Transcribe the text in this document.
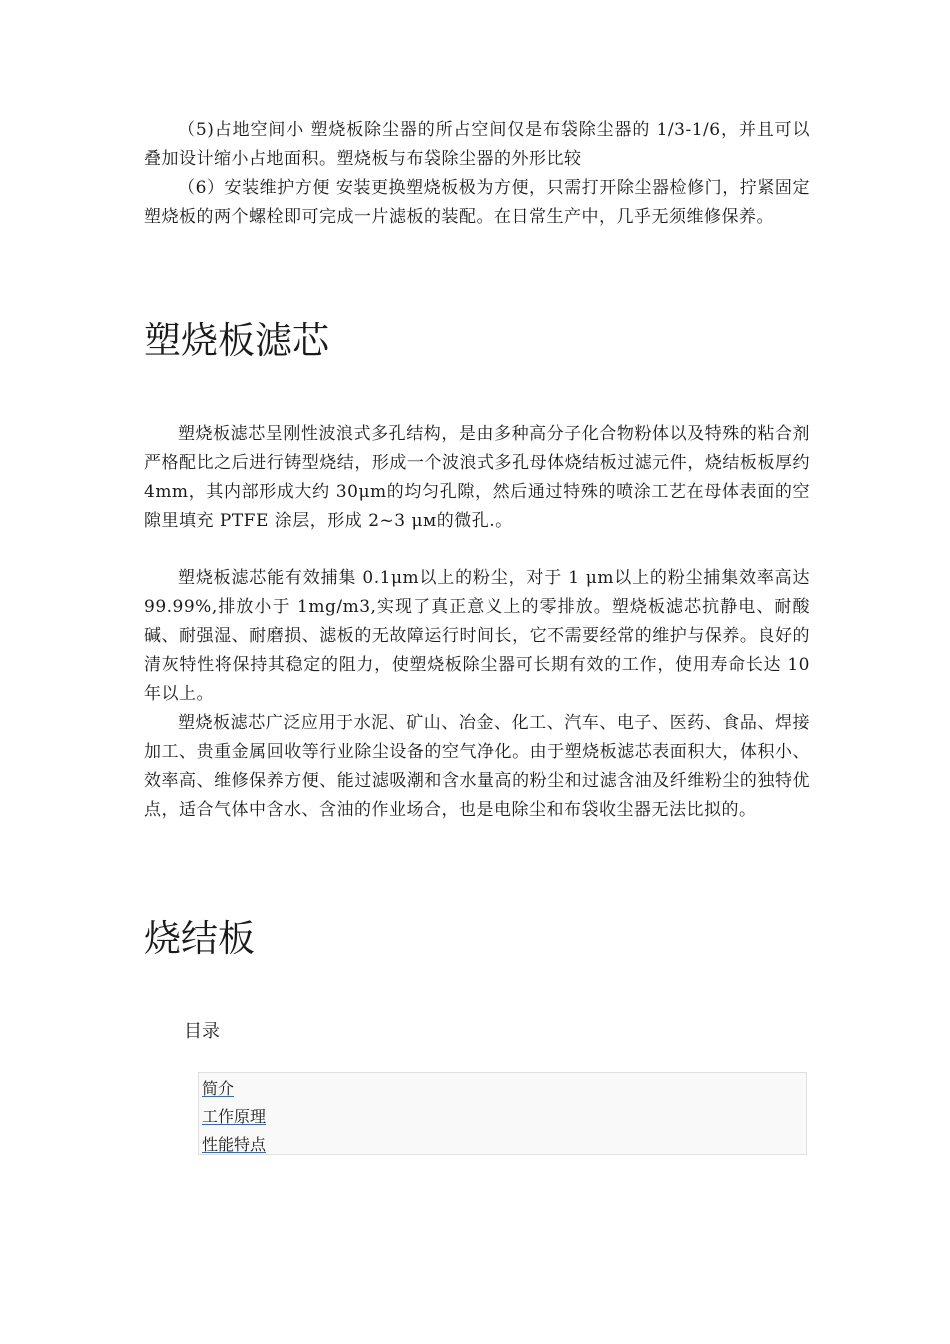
（5)占地空间小 塑烧板除尘器的所占空间仅是布袋除尘器的 1/3-1/6，并且可以叠加设计缩小占地面积。塑烧板与布袋除尘器的外形比较

（6）安装维护方便 安装更换塑烧板极为方便，只需打开除尘器检修门，拧紧固定塑烧板的两个螺栓即可完成一片滤板的装配。在日常生产中，几乎无须维修保养。

塑烧板滤芯

塑烧板滤芯呈刚性波浪式多孔结构，是由多种高分子化合物粉体以及特殊的粘合剂严格配比之后进行铸型烧结，形成一个波浪式多孔母体烧结板过滤元件，烧结板板厚约 4mm，其内部形成大约 30μm的均匀孔隙，然后通过特殊的喷涂工艺在母体表面的空隙里填充 PTFE 涂层，形成 2~3 μм的微孔.。

塑烧板滤芯能有效捕集 0.1μm以上的粉尘，对于 1 μm以上的粉尘捕集效率高达 99.99%,排放小于 1mg/m3,实现了真正意义上的零排放。塑烧板滤芯抗静电、耐酸碱、耐强湿、耐磨损、滤板的无故障运行时间长，它不需要经常的维护与保养。良好的清灰特性将保持其稳定的阻力，使塑烧板除尘器可长期有效的工作，使用寿命长达 10 年以上。

塑烧板滤芯广泛应用于水泥、矿山、冶金、化工、汽车、电子、医药、食品、焊接加工、贵重金属回收等行业除尘设备的空气净化。由于塑烧板滤芯表面积大，体积小、效率高、维修保养方便、能过滤吸潮和含水量高的粉尘和过滤含油及纤维粉尘的独特优点，适合气体中含水、含油的作业场合，也是电除尘和布袋收尘器无法比拟的。

烧结板

目录

简介
工作原理
性能特点
